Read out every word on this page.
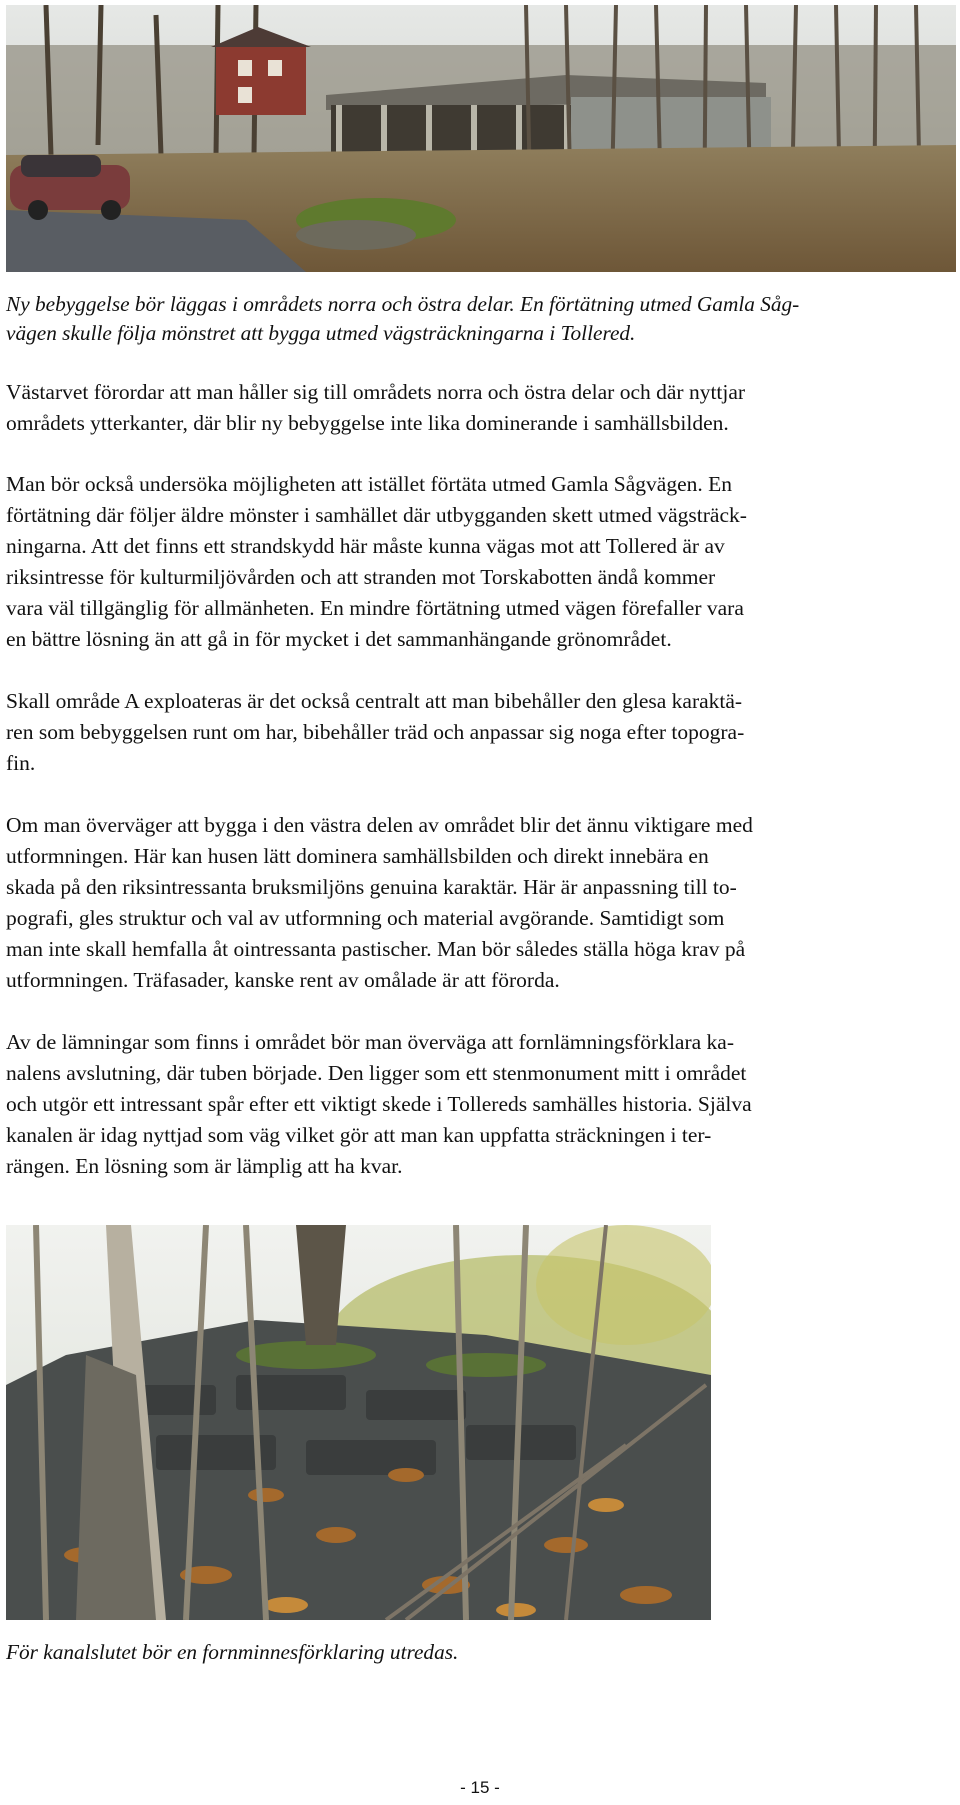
Ny bebyggelse bör läggas i områdets norra och östra delar. En förtätning utmed Gamla Såg-
vägen skulle följa mönstret att bygga utmed vägsträckningarna i Tollered.

Västarvet förordar att man håller sig till områdets norra och östra delar och där nyttjar
områdets ytterkanter, där blir ny bebyggelse inte lika dominerande i samhällsbilden.

Man bör också undersöka möjligheten att istället förtäta utmed Gamla Sågvägen. En
förtätning där följer äldre mönster i samhället där utbygganden skett utmed vägsträck-
ningarna. Att det finns ett strandskydd här måste kunna vägas mot att Tollered är av
riksintresse för kulturmiljövården och att stranden mot Torskabotten ändå kommer
vara väl tillgänglig för allmänheten. En mindre förtätning utmed vägen förefaller vara
en bättre lösning än att gå in för mycket i det sammanhängande grönområdet.

Skall område A exploateras är det också centralt att man bibehåller den glesa karaktä-
ren som bebyggelsen runt om har, bibehåller träd och anpassar sig noga efter topogra-
fin.

Om man överväger att bygga i den västra delen av området blir det ännu viktigare med
utformningen. Här kan husen lätt dominera samhällsbilden och direkt innebära en
skada på den riksintressanta bruksmiljöns genuina karaktär. Här är anpassning till to-
pografi, gles struktur och val av utformning och material avgörande. Samtidigt som
man inte skall hemfalla åt ointressanta pastischer. Man bör således ställa höga krav på
utformningen. Träfasader, kanske rent av omålade är att förorda.

Av de lämningar som finns i området bör man överväga att fornlämningsförklara ka-
nalens avslutning, där tuben började. Den ligger som ett stenmonument mitt i området
och utgör ett intressant spår efter ett viktigt skede i Tollereds samhälles historia. Själva
kanalen är idag nyttjad som väg vilket gör att man kan uppfatta sträckningen i ter-
rängen. En lösning som är lämplig att ha kvar.

För kanalslutet bör en fornminnesförklaring utredas.

- 15 -
